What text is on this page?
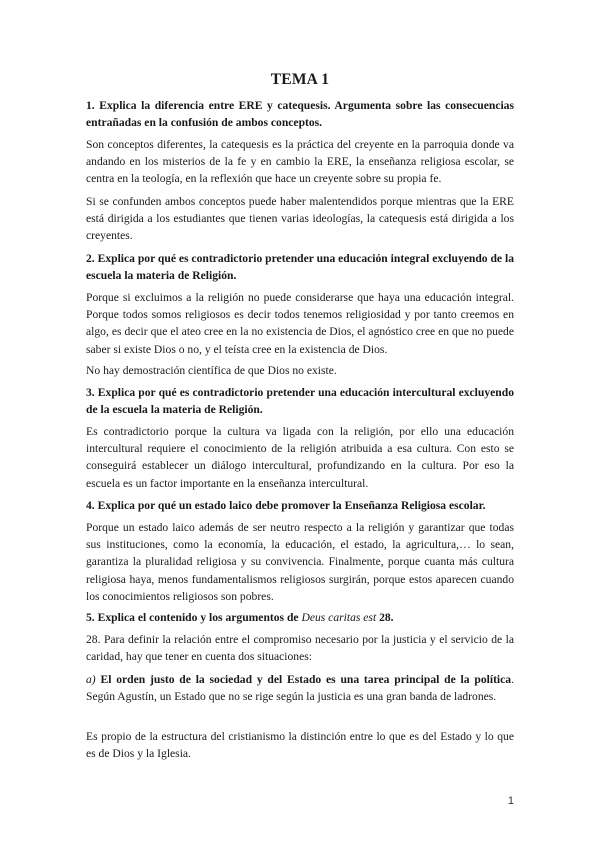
TEMA 1

1. Explica la diferencia entre ERE y catequesis. Argumenta sobre las consecuencias entrañadas en la confusión de ambos conceptos.

Son conceptos diferentes, la catequesis es la práctica del creyente en la parroquia donde va andando en los misterios de la fe y en cambio la ERE, la enseñanza religiosa escolar, se centra en la teología, en la reflexión que hace un creyente sobre su propia fe.

Si se confunden ambos conceptos puede haber malentendidos porque mientras que la ERE está dirigida a los estudiantes que tienen varias ideologías, la catequesis está dirigida a los creyentes.

2. Explica por qué es contradictorio pretender una educación integral excluyendo de la escuela la materia de Religión.

Porque si excluimos a la religión no puede considerarse que haya una educación integral. Porque todos somos religiosos es decir todos tenemos religiosidad y por tanto creemos en algo, es decir que el ateo cree en la no existencia de Dios, el agnóstico cree en que no puede saber si existe Dios o no, y el teísta cree en la existencia de Dios.

No hay demostración científica de que Dios no existe.

3. Explica por qué es contradictorio pretender una educación intercultural excluyendo de la escuela la materia de Religión.

Es contradictorio porque la cultura va ligada con la religión, por ello una educación intercultural requiere el conocimiento de la religión atribuida a esa cultura. Con esto se conseguirá establecer un diálogo intercultural, profundizando en la cultura. Por eso la escuela es un factor importante en la enseñanza intercultural.

4. Explica por qué un estado laico debe promover la Enseñanza Religiosa escolar.

Porque un estado laico además de ser neutro respecto a la religión y garantizar que todas sus instituciones, como la economía, la educación, el estado, la agricultura,… lo sean, garantiza la pluralidad religiosa y su convivencia. Finalmente, porque cuanta más cultura religiosa haya, menos fundamentalismos religiosos surgirán, porque estos aparecen cuando los conocimientos religiosos son pobres.

5. Explica el contenido y los argumentos de Deus caritas est 28.

28. Para definir la relación entre el compromiso necesario por la justicia y el servicio de la caridad, hay que tener en cuenta dos situaciones:

a) El orden justo de la sociedad y del Estado es una tarea principal de la política. Según Agustín, un Estado que no se rige según la justicia es una gran banda de ladrones.

Es propio de la estructura del cristianismo la distinción entre lo que es del Estado y lo que es de Dios y la Iglesia.

1
